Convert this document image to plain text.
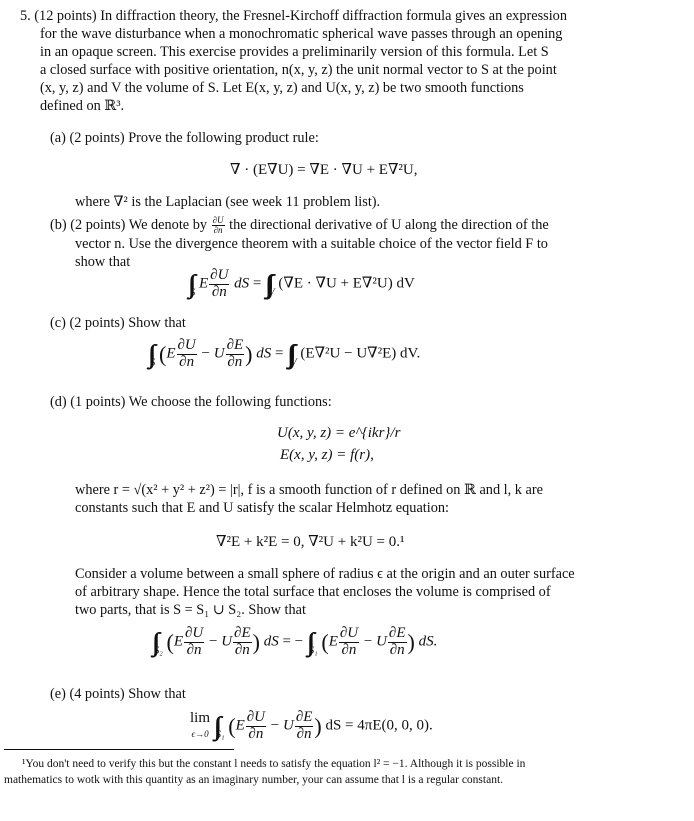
5. (12 points) In diffraction theory, the Fresnel-Kirchoff diffraction formula gives an expression
for the wave disturbance when a monochromatic spherical wave passes through an opening
in an opaque screen. This exercise provides a preliminarily version of this formula. Let S
a closed surface with positive orientation, n(x, y, z) the unit normal vector to S at the point
(x, y, z) and V the volume of S. Let E(x, y, z) and U(x, y, z) be two smooth functions
defined on ℝ³.
(a) (2 points) Prove the following product rule:
∇ · (E∇U) = ∇E · ∇U + E∇²U,
where ∇² is the Laplacian (see week 11 problem list).
(b) (2 points) We denote by $\frac{\partial U}{\partial n}$ the directional derivative of U along the direction of the
vector n. Use the divergence theorem with a suitable choice of the vector field F to
show that
$\int\int_S$ E $\frac{\partial U}{\partial n}$ dS = $\int\int\int_V$ (∇E · ∇U + E∇²U) dV
(c) (2 points) Show that
$\int\int_S$ ($E \frac{\partial U}{\partial n} - U \frac{\partial E}{\partial n}$ ) dS = $\int\int\int_V$ (E∇²U − U∇²E) dV.
(d) (1 points) We choose the following functions:
U(x, y, z) = e^{ikr}/r
E(x, y, z) = f(r),
where r = √(x² + y² + z²) = |r|, f is a smooth function of r defined on ℝ and l, k are
constants such that E and U satisfy the scalar Helmhotz equation:
∇²E + k²E = 0, ∇²U + k²U = 0.¹
Consider a volume between a small sphere of radius ϵ at the origin and an outer surface
of arbitrary shape. Hence the total surface that encloses the volume is comprised of
two parts, that is S = S₁ ∪ S₂. Show that
$\int\int_{S_2}$ ($E \frac{\partial U}{\partial n} - U \frac{\partial E}{\partial n}$ ) dS = − $\int\int_{S_1}$ ($E \frac{\partial U}{\partial n} - U \frac{\partial E}{\partial n}$ ) dS.
(e) (4 points) Show that
lim
ϵ→0 $\int\int_{S_1}$ ($E \frac{\partial U}{\partial n} - U \frac{\partial E}{\partial n}$ ) dS = 4πE(0, 0, 0).
¹You don't need to verify this but the constant l needs to satisfy the equation l² = −1. Although it is possible in
mathematics to wotk with this quantity as an imaginary number, your can assume that l is a regular constant.
